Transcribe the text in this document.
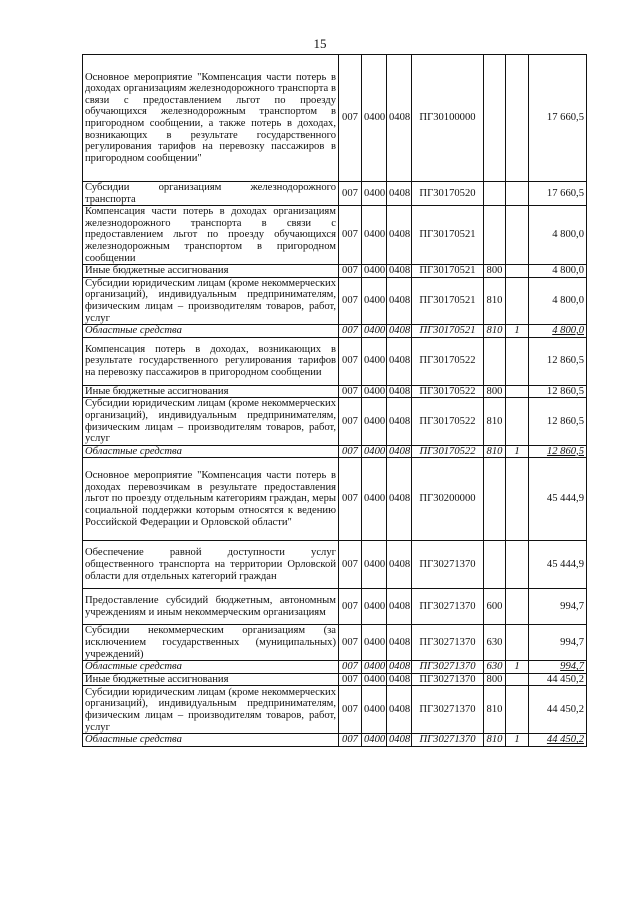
15
Основное мероприятие "Компенсация части потерь в доходах организациям железнодорожного транспорта в связи с предоставлением льгот по проезду обучающихся железнодорожным транспортом в пригородном сообщении, а также потерь в доходах, возникающих в результате государственного регулирования тарифов на перевозку пассажиров в пригородном сообщении"	007	0400	0408	ПГ30100000			17 660,5
Субсидии организациям железнодорожного транспорта	007	0400	0408	ПГ30170520			17 660,5
Компенсация части потерь в доходах организациям железнодорожного транспорта в связи с предоставлением льгот по проезду обучающихся железнодорожным транспортом в пригородном сообщении	007	0400	0408	ПГ30170521			4 800,0
Иные бюджетные ассигнования	007	0400	0408	ПГ30170521	800		4 800,0
Субсидии юридическим лицам (кроме некоммерческих организаций), индивидуальным предпринимателям, физическим лицам – производителям товаров, работ, услуг	007	0400	0408	ПГ30170521	810		4 800,0
Областные средства	007	0400	0408	ПГ30170521	810	1	4 800,0
Компенсация потерь в доходах, возникающих в результате государственного регулирования тарифов на перевозку пассажиров в пригородном сообщении	007	0400	0408	ПГ30170522			12 860,5
Иные бюджетные ассигнования	007	0400	0408	ПГ30170522	800		12 860,5
Субсидии юридическим лицам (кроме некоммерческих организаций), индивидуальным предпринимателям, физическим лицам – производителям товаров, работ, услуг	007	0400	0408	ПГ30170522	810		12 860,5
Областные средства	007	0400	0408	ПГ30170522	810	1	12 860,5
Основное мероприятие "Компенсация части потерь в доходах перевозчикам в результате предоставления льгот по проезду отдельным категориям граждан, меры социальной поддержки которым относятся к ведению Российской Федерации и Орловской области"	007	0400	0408	ПГ30200000			45 444,9
Обеспечение равной доступности услуг общественного транспорта на территории Орловской области для отдельных категорий граждан	007	0400	0408	ПГ30271370			45 444,9
Предоставление субсидий бюджетным, автономным учреждениям и иным некоммерческим организациям	007	0400	0408	ПГ30271370	600		994,7
Субсидии некоммерческим организациям (за исключением государственных (муниципальных) учреждений)	007	0400	0408	ПГ30271370	630		994,7
Областные средства	007	0400	0408	ПГ30271370	630	1	994,7
Иные бюджетные ассигнования	007	0400	0408	ПГ30271370	800		44 450,2
Субсидии юридическим лицам (кроме некоммерческих организаций), индивидуальным предпринимателям, физическим лицам – производителям товаров, работ, услуг	007	0400	0408	ПГ30271370	810		44 450,2
Областные средства	007	0400	0408	ПГ30271370	810	1	44 450,2
